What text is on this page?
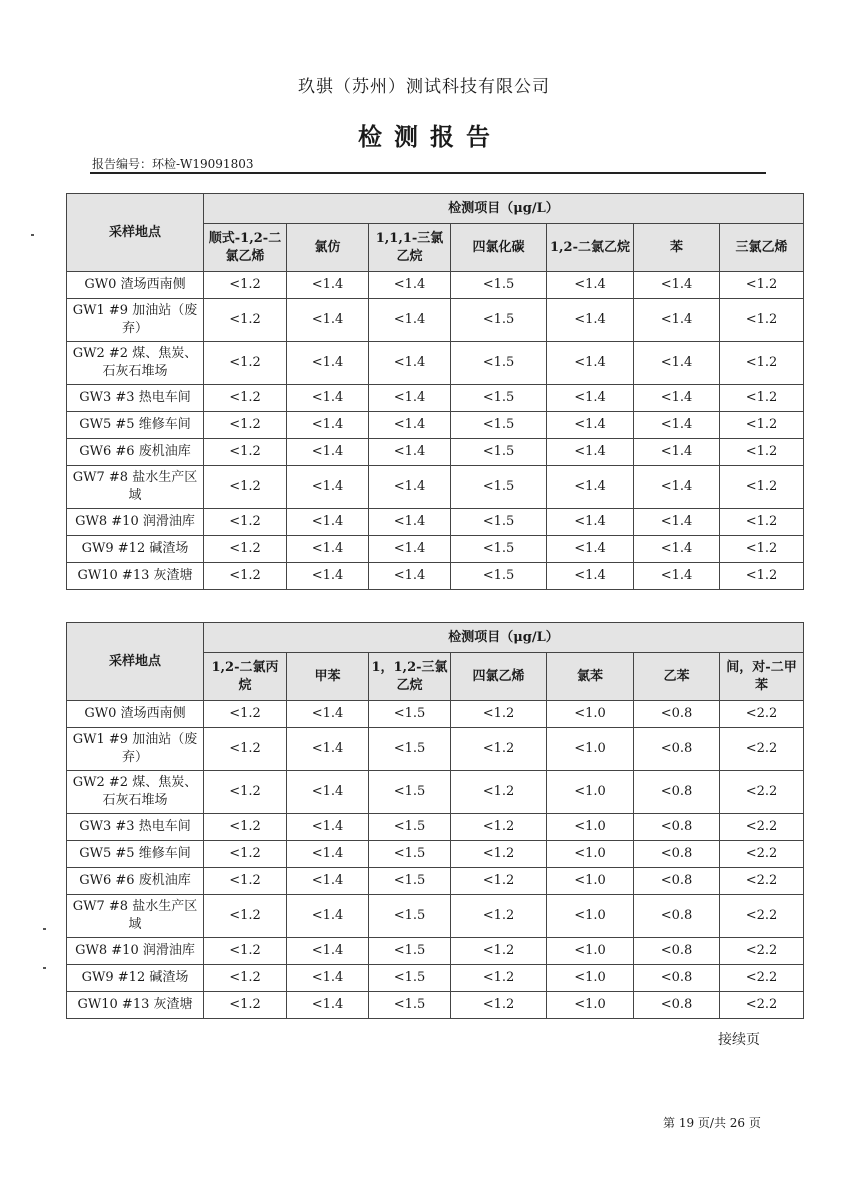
玖骐（苏州）测试科技有限公司
检测报告
报告编号：环检-W19091803
采样地点	检测项目（μg/L）						
	顺式-1,2-二氯乙烯	氯仿	1,1,1-三氯乙烷	四氯化碳	1,2-二氯乙烷	苯	三氯乙烯
GW0 渣场西南侧	<1.2	<1.4	<1.4	<1.5	<1.4	<1.4	<1.2
GW1 #9 加油站（废弃）	<1.2	<1.4	<1.4	<1.5	<1.4	<1.4	<1.2
GW2 #2 煤、焦炭、石灰石堆场	<1.2	<1.4	<1.4	<1.5	<1.4	<1.4	<1.2
GW3 #3 热电车间	<1.2	<1.4	<1.4	<1.5	<1.4	<1.4	<1.2
GW5 #5 维修车间	<1.2	<1.4	<1.4	<1.5	<1.4	<1.4	<1.2
GW6 #6 废机油库	<1.2	<1.4	<1.4	<1.5	<1.4	<1.4	<1.2
GW7 #8 盐水生产区域	<1.2	<1.4	<1.4	<1.5	<1.4	<1.4	<1.2
GW8 #10 润滑油库	<1.2	<1.4	<1.4	<1.5	<1.4	<1.4	<1.2
GW9 #12 碱渣场	<1.2	<1.4	<1.4	<1.5	<1.4	<1.4	<1.2
GW10 #13 灰渣塘	<1.2	<1.4	<1.4	<1.5	<1.4	<1.4	<1.2
采样地点	检测项目（μg/L）						
	1,2-二氯丙烷	甲苯	1，1,2-三氯乙烷	四氯乙烯	氯苯	乙苯	间，对-二甲苯
GW0 渣场西南侧	<1.2	<1.4	<1.5	<1.2	<1.0	<0.8	<2.2
GW1 #9 加油站（废弃）	<1.2	<1.4	<1.5	<1.2	<1.0	<0.8	<2.2
GW2 #2 煤、焦炭、石灰石堆场	<1.2	<1.4	<1.5	<1.2	<1.0	<0.8	<2.2
GW3 #3 热电车间	<1.2	<1.4	<1.5	<1.2	<1.0	<0.8	<2.2
GW5 #5 维修车间	<1.2	<1.4	<1.5	<1.2	<1.0	<0.8	<2.2
GW6 #6 废机油库	<1.2	<1.4	<1.5	<1.2	<1.0	<0.8	<2.2
GW7 #8 盐水生产区域	<1.2	<1.4	<1.5	<1.2	<1.0	<0.8	<2.2
GW8 #10 润滑油库	<1.2	<1.4	<1.5	<1.2	<1.0	<0.8	<2.2
GW9 #12 碱渣场	<1.2	<1.4	<1.5	<1.2	<1.0	<0.8	<2.2
GW10 #13 灰渣塘	<1.2	<1.4	<1.5	<1.2	<1.0	<0.8	<2.2
接续页
第 19 页/共 26 页
